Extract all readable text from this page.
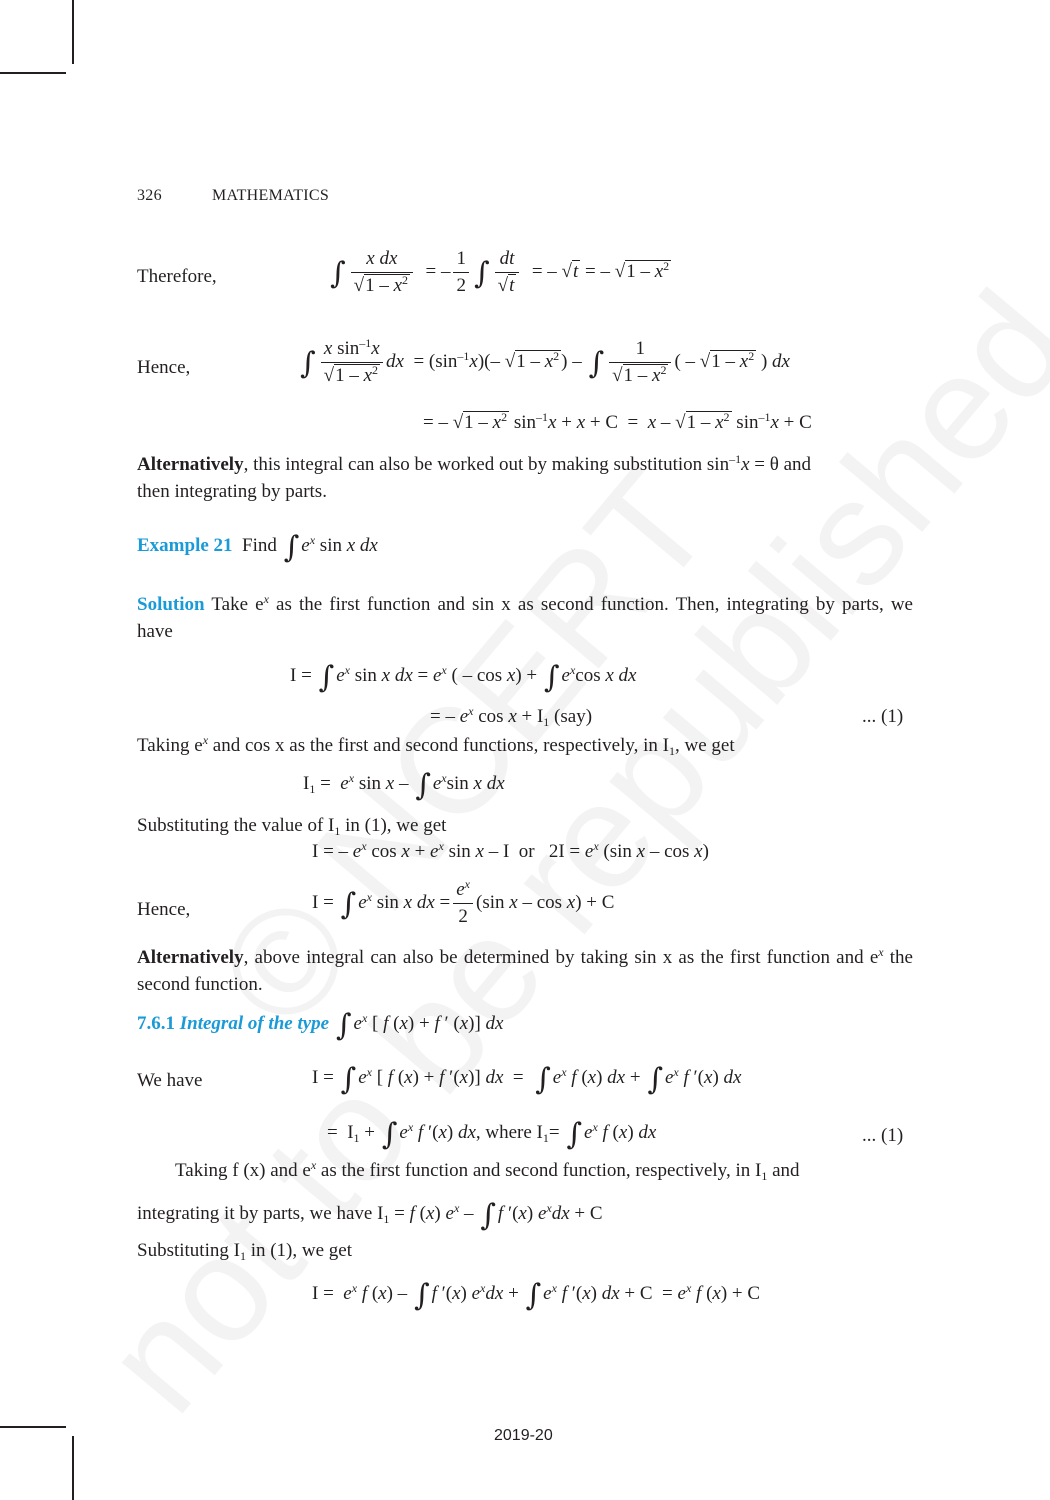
326	MATHEMATICS
Therefore,	∫ $\frac{\text{x dx}}{√1 - x^2}$ = – $\frac{1}{2}$ ∫ $\frac{dt}{√t}$ = – √t = – $√1 - x^2$
Hence,	∫ $\frac{x \sin^{-1}x}{√1 - x^2}$ dx  = $(\sin^{-1}x)(-$ $√1 - x^2$ ) – ∫ $\frac{1}{√1 - x^2}$ ( – $√1 - x^2$ ) dx
= – $√1 - x^2$ $\sin^{-1}x + x + C = x - √1 - x^2$ $\sin^{-1}x + C$
Alternatively, this integral can also be worked out by making substitution $\sin^{-1}x = \theta$ and
then integrating by parts.
Example 21 Find ∫ $e^x$ sin x dx
Solution Take $e^x$ as the first function and sin x as second function. Then, integrating by parts, we have
I = ∫ $e^x$ sin x dx = $e^x$ ( – cos x) + ∫ $e^x\cos$ x dx
= – $e^x$ $\cos x + I_1$ (say)	... (1)
Taking $e^x$ and cos x as the first and second functions, respectively, in $I_1$, we get
$I_1 = e^x$ sin x – ∫ $e^x\sin$ x dx
Substituting the value of $I_1$ in (1), we get
I = – $e^x$ $\cos x + e^x$ sin x – I  or   $2I = e^x$ (sin x – cos x)
Hence,	I = ∫ $e^x$ sin x dx = $\frac{e^x}{2} (\sin$ x – cos x) + C
Alternatively, above integral can also be determined by taking sin x as the first function and $e^x$ the second function.
7.6.1 Integral of the type ∫ $e^x$ [ f (x) + f ′ (x)] dx
We have	I = ∫ $e^x$ [ f (x) + f ′(x)] dx  =  ∫ $e^x$ f (x) dx + ∫ $e^x$ f ′(x) dx
=  $I_1$ + ∫ $e^x$ f ′(x) dx, where $I_1=$ ∫ $e^x$ f (x) dx	... (1)
Taking f (x) and $e^x$ as the first function and second function, respectively, in $I_1$ and
integrating it by parts, we have $I_1 = f$ (x) $e^x$ – ∫ f ′(x) $e^xdx + C$
Substituting $I_1$ in (1), we get
$I = e^x$ f (x) – ∫ f ′(x) $e^xdx$ + ∫ $e^x$ f ′(x) dx + $C = e^x$ f (x) + C
2019-20
